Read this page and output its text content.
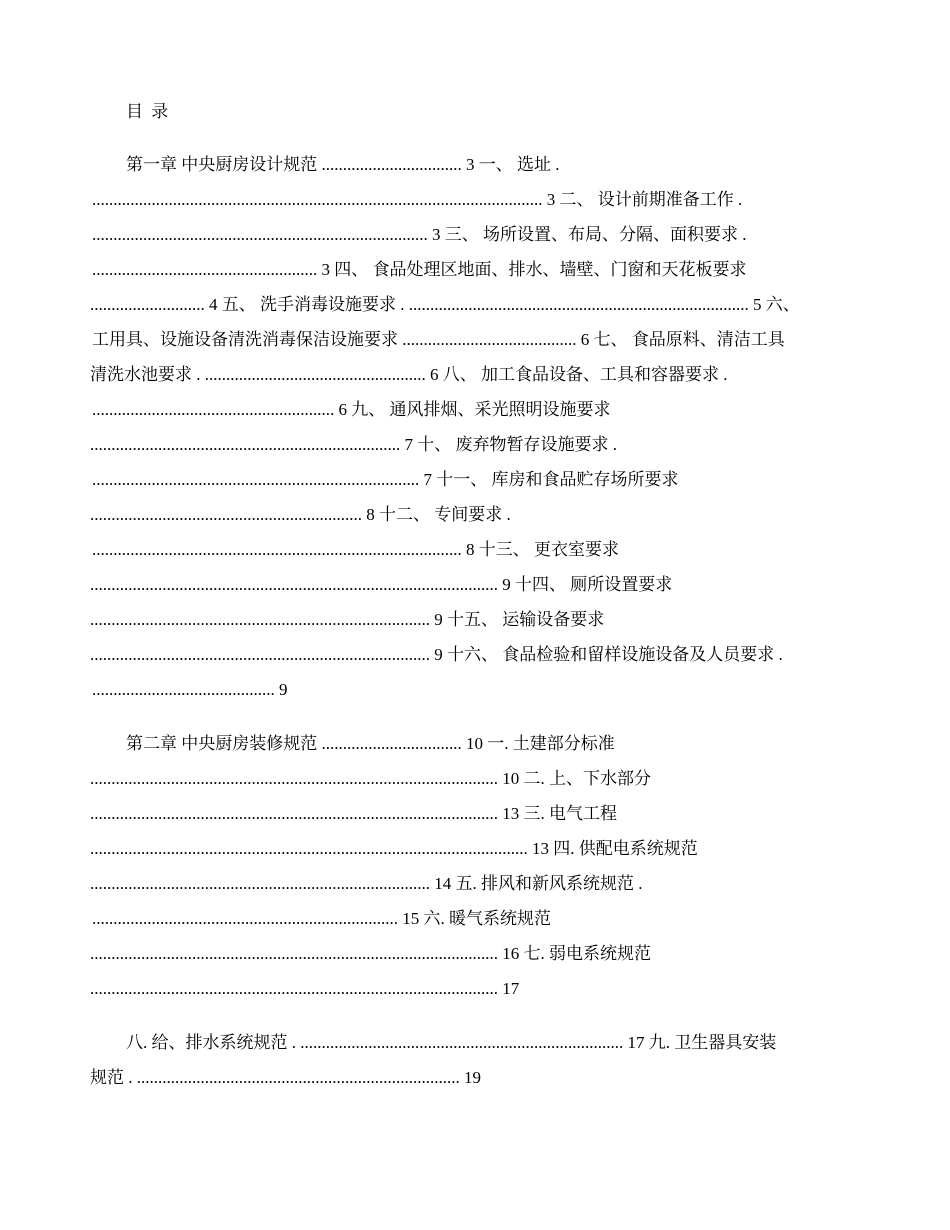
目 录
第一章 中央厨房设计规范 ................................. 3 一、 选址 .
.......................................................................................................... 3 二、 设计前期准备工作 .
............................................................................... 3 三、 场所设置、布局、分隔、面积要求 .
..................................................... 3 四、 食品处理区地面、排水、墙壁、门窗和天花板要求
........................... 4 五、 洗手消毒设施要求 . ................................................................................ 5 六、
工用具、设施设备清洗消毒保洁设施要求 ......................................... 6 七、 食品原料、清洁工具
清洗水池要求 . .................................................... 6 八、 加工食品设备、工具和容器要求 .
......................................................... 6 九、 通风排烟、采光照明设施要求
......................................................................... 7 十、 废弃物暂存设施要求 .
............................................................................. 7 十一、 库房和食品贮存场所要求
................................................................ 8 十二、 专间要求 .
....................................................................................... 8 十三、 更衣室要求
................................................................................................ 9 十四、 厕所设置要求
................................................................................ 9 十五、 运输设备要求
................................................................................ 9 十六、 食品检验和留样设施设备及人员要求 .
........................................... 9
第二章 中央厨房装修规范 ................................. 10 一. 土建部分标准
................................................................................................ 10 二. 上、下水部分
................................................................................................ 13 三. 电气工程
....................................................................................................... 13 四. 供配电系统规范
................................................................................ 14 五. 排风和新风系统规范 .
........................................................................ 15 六. 暖气系统规范
................................................................................................ 16 七. 弱电系统规范
................................................................................................ 17
八. 给、排水系统规范 . ............................................................................ 17 九. 卫生器具安装
规范 . ............................................................................ 19
